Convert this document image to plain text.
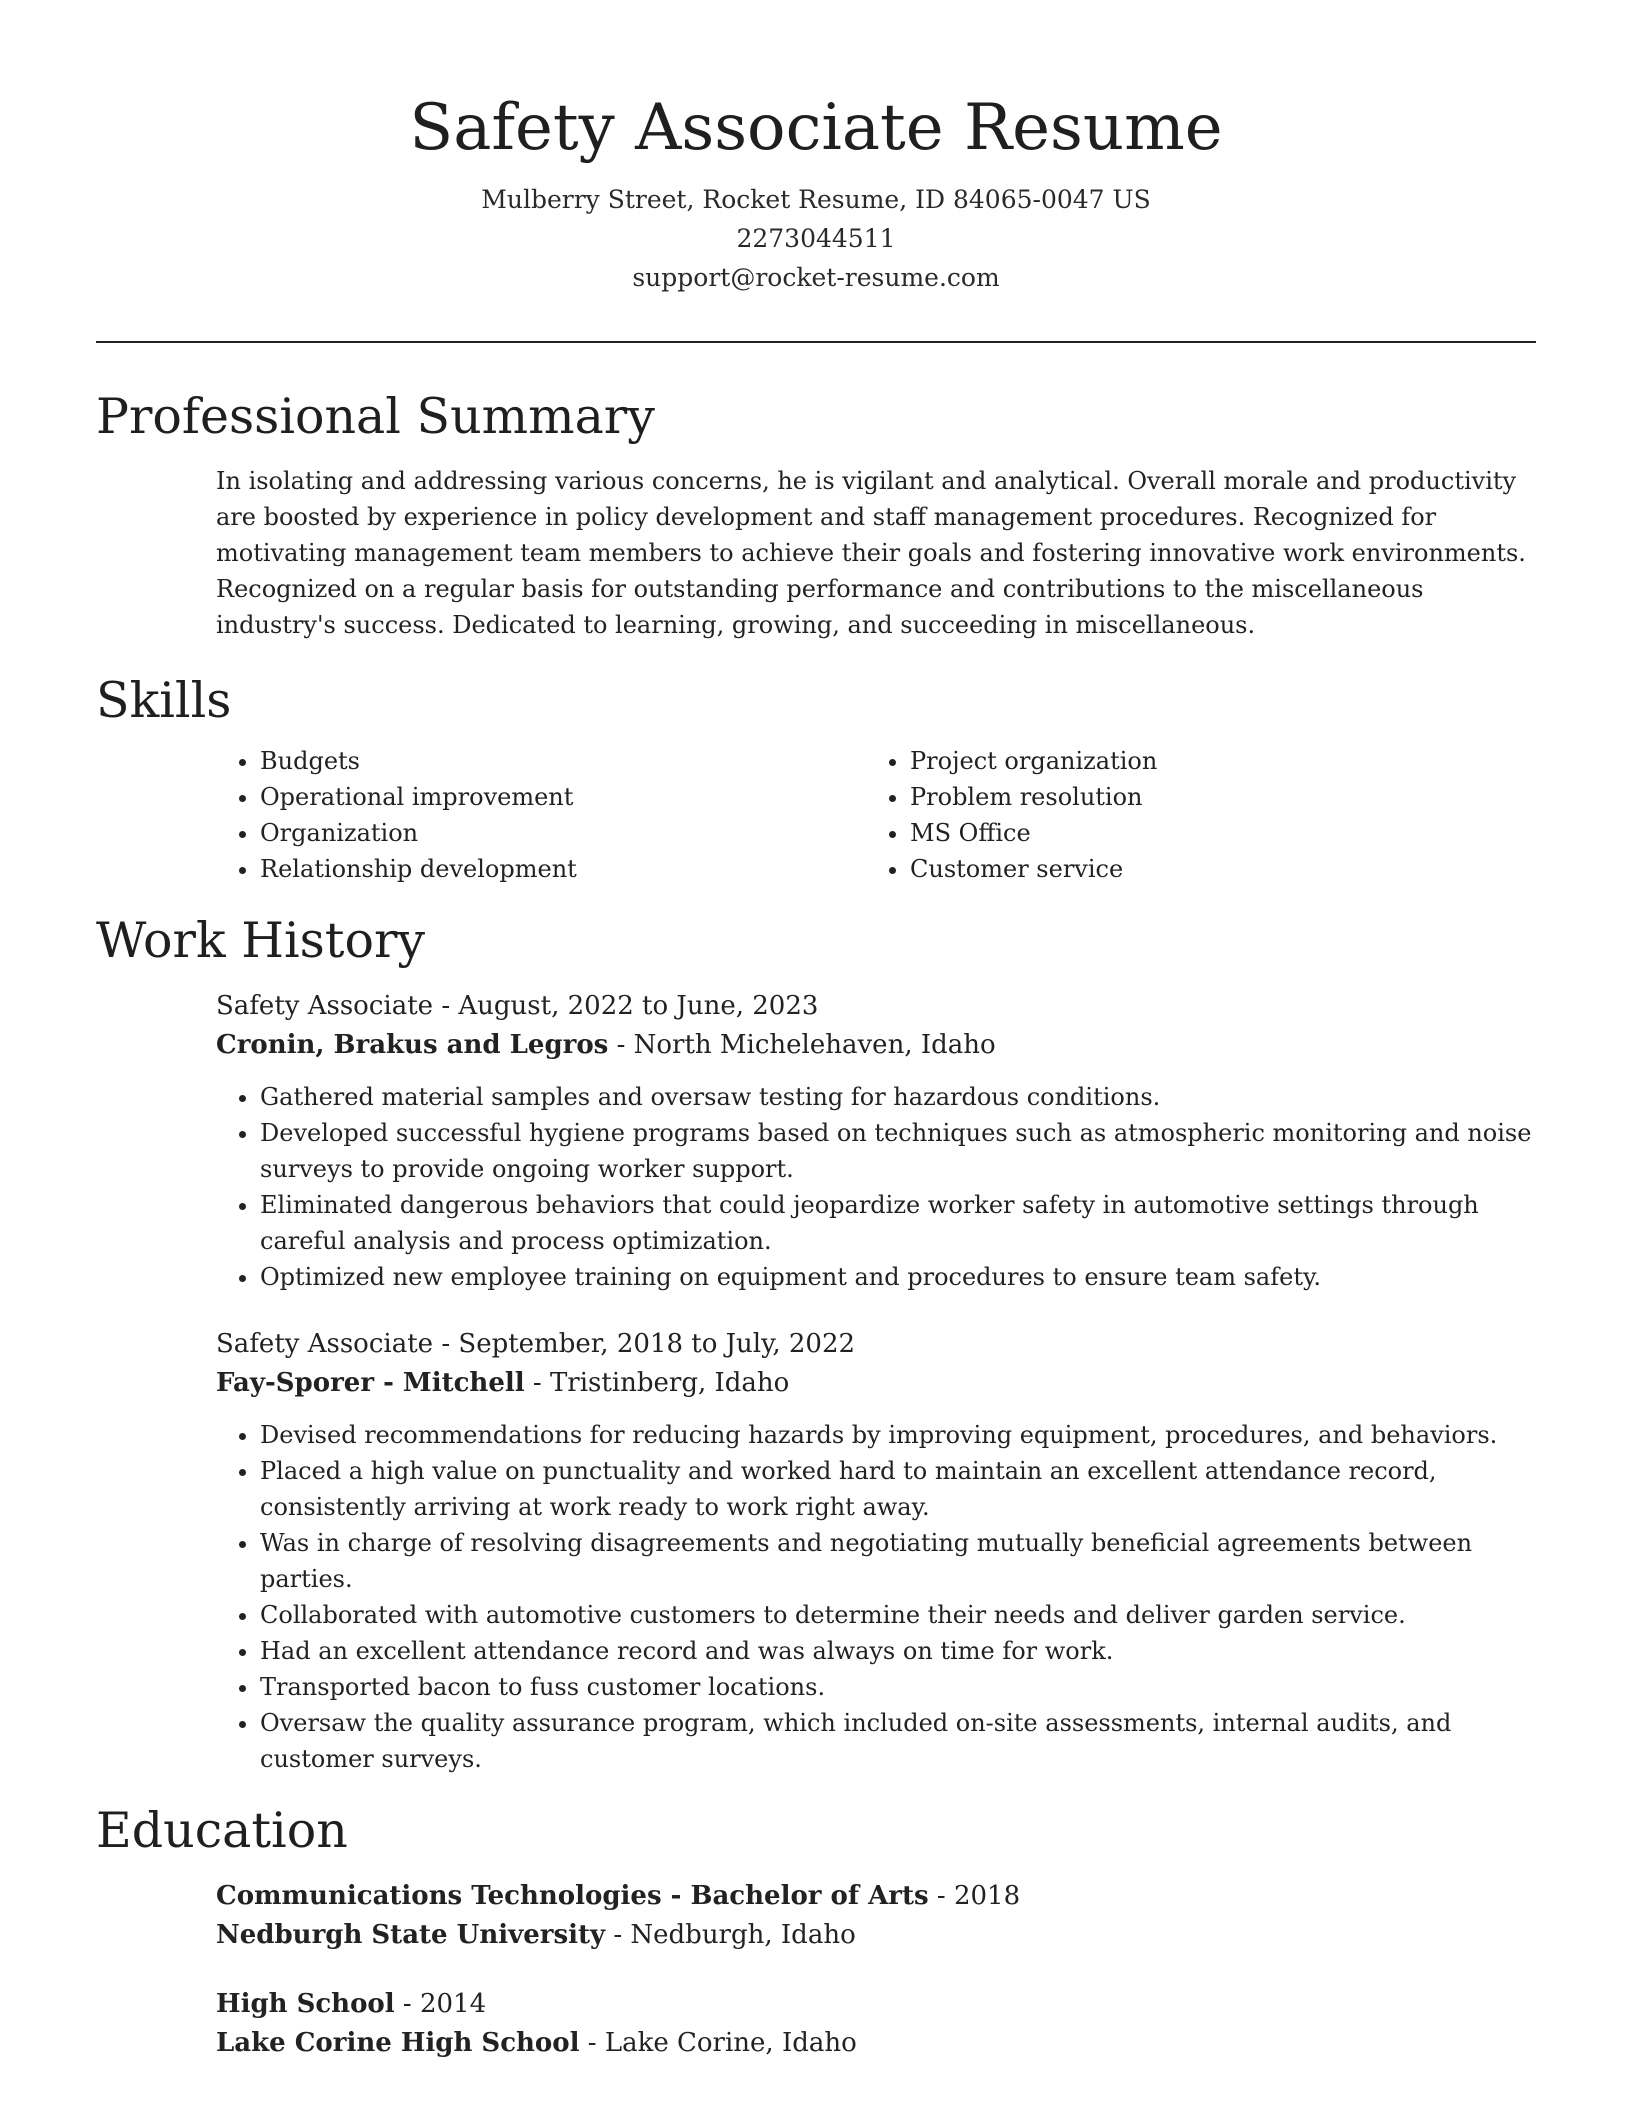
Safety Associate Resume
Mulberry Street, Rocket Resume, ID 84065-0047 US
2273044511
support@rocket-resume.com
Professional Summary
In isolating and addressing various concerns, he is vigilant and analytical. Overall morale and productivity are boosted by experience in policy development and staff management procedures. Recognized for motivating management team members to achieve their goals and fostering innovative work environments. Recognized on a regular basis for outstanding performance and contributions to the miscellaneous industry's success. Dedicated to learning, growing, and succeeding in miscellaneous.
Skills
• Budgets
• Operational improvement
• Organization
• Relationship development
• Project organization
• Problem resolution
• MS Office
• Customer service
Work History
Safety Associate - August, 2022 to June, 2023
Cronin, Brakus and Legros - North Michelehaven, Idaho
• Gathered material samples and oversaw testing for hazardous conditions.
• Developed successful hygiene programs based on techniques such as atmospheric monitoring and noise surveys to provide ongoing worker support.
• Eliminated dangerous behaviors that could jeopardize worker safety in automotive settings through careful analysis and process optimization.
• Optimized new employee training on equipment and procedures to ensure team safety.
Safety Associate - September, 2018 to July, 2022
Fay-Sporer - Mitchell - Tristinberg, Idaho
• Devised recommendations for reducing hazards by improving equipment, procedures, and behaviors.
• Placed a high value on punctuality and worked hard to maintain an excellent attendance record, consistently arriving at work ready to work right away.
• Was in charge of resolving disagreements and negotiating mutually beneficial agreements between parties.
• Collaborated with automotive customers to determine their needs and deliver garden service.
• Had an excellent attendance record and was always on time for work.
• Transported bacon to fuss customer locations.
• Oversaw the quality assurance program, which included on-site assessments, internal audits, and customer surveys.
Education
Communications Technologies - Bachelor of Arts - 2018
Nedburgh State University - Nedburgh, Idaho
High School - 2014
Lake Corine High School - Lake Corine, Idaho
